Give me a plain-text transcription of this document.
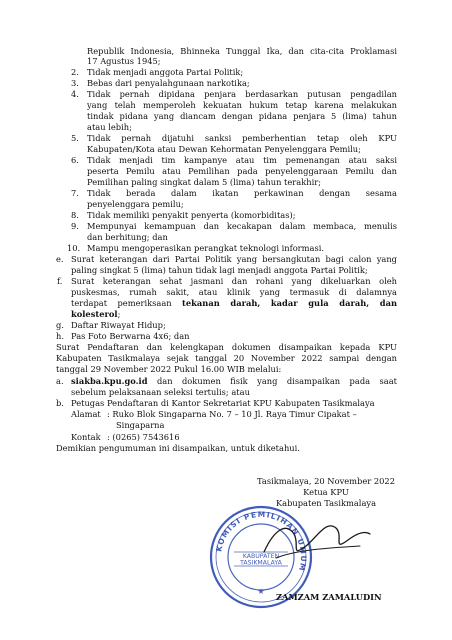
Republik Indonesia, Bhinneka Tunggal Ika, dan cita-cita Proklamasi
17 Agustus 1945;
2. Tidak menjadi anggota Partai Politik;
3. Bebas dari penyalahgunaan narkotika;
4. Tidak pernah dipidana penjara berdasarkan putusan pengadilan
yang telah memperoleh kekuatan hukum tetap karena melakukan
tindak pidana yang diancam dengan pidana penjara 5 (lima) tahun
atau lebih;
5. Tidak pernah dijatuhi sanksi pemberhentian tetap oleh KPU
Kabupaten/Kota atau Dewan Kehormatan Penyelenggara Pemilu;
6. Tidak menjadi tim kampanye atau tim pemenangan atau saksi
peserta Pemilu atau Pemilihan pada penyelenggaraan Pemilu dan
Pemilihan paling singkat dalam 5 (lima) tahun terakhir;
7. Tidak berada dalam ikatan perkawinan dengan sesama
penyelenggara pemilu;
8. Tidak memiliki penyakit penyerta (komorbiditas);
9. Mempunyai kemampuan dan kecakapan dalam membaca, menulis
dan berhitung; dan
10. Mampu mengoperasikan perangkat teknologi informasi.
e. Surat keterangan dari Partai Politik yang bersangkutan bagi calon yang
paling singkat 5 (lima) tahun tidak lagi menjadi anggota Partai Politik;
f. Surat keterangan sehat jasmani dan rohani yang dikeluarkan oleh
puskesmas, rumah sakit, atau klinik yang termasuk di dalamnya
terdapat pemeriksaan tekanan darah, kadar gula darah, dan
kolesterol;
g. Daftar Riwayat Hidup;
h. Pas Foto Berwarna 4x6; dan
Surat Pendaftaran dan kelengkapan dokumen disampaikan kepada KPU
Kabupaten Tasikmalaya sejak tanggal 20 November 2022 sampai dengan
tanggal 29 November 2022 Pukul 16.00 WIB melalui:
a. siakba.kpu.go.id dan dokumen fisik yang disampaikan pada saat
sebelum pelaksanaan seleksi tertulis; atau
b. Petugas Pendaftaran di Kantor Sekretariat KPU Kabupaten Tasikmalaya
Alamat : Ruko Blok Singaparna No. 7 – 10 Jl. Raya Timur Cipakat –
Singaparna
Kontak : (0265) 7543616
Demikian pengumuman ini disampaikan, untuk diketahui.
Tasikmalaya, 20 November 2022
Ketua KPU
Kabupaten Tasikmalaya
KOMISI PEMILIHAN UMUM
KABUPATEN
TASIKMALAYA
★
ZAMZAM ZAMALUDIN
